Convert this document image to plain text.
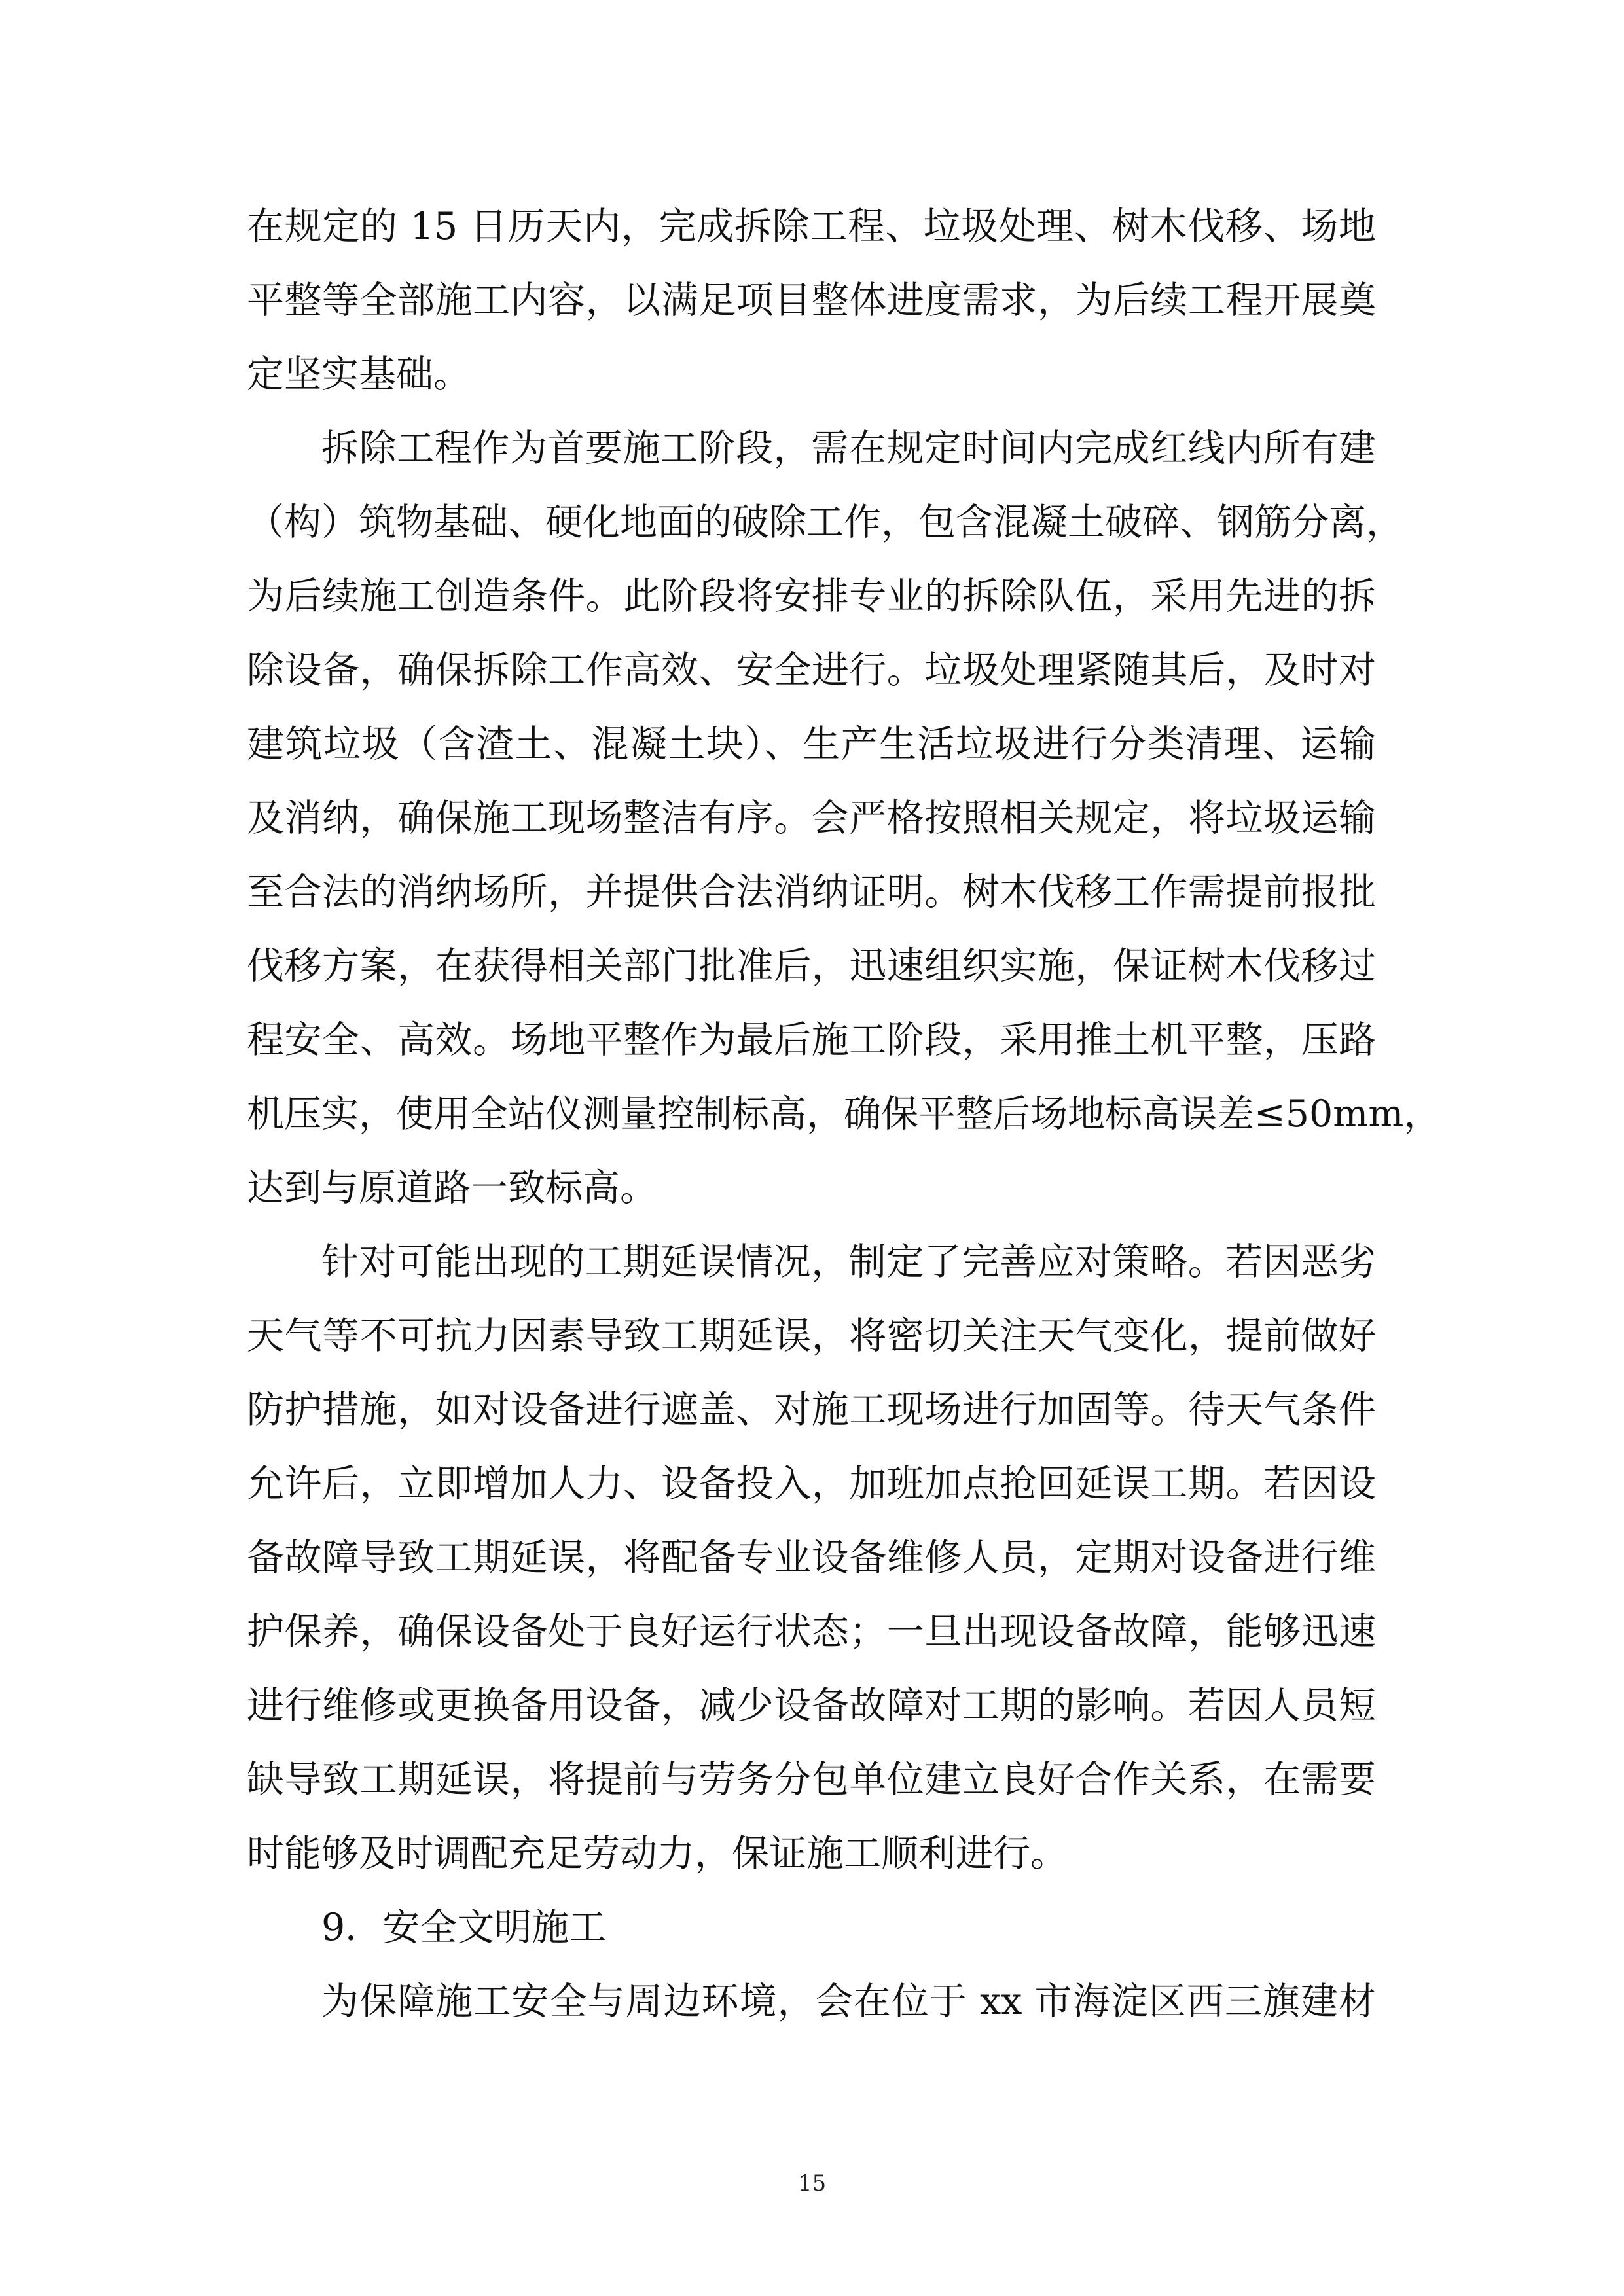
在规定的 15 日历天内，完成拆除工程、垃圾处理、树木伐移、场地
平整等全部施工内容，以满足项目整体进度需求，为后续工程开展奠
定坚实基础。
拆除工程作为首要施工阶段，需在规定时间内完成红线内所有建
（构）筑物基础、硬化地面的破除工作，包含混凝土破碎、钢筋分离，
为后续施工创造条件。此阶段将安排专业的拆除队伍，采用先进的拆
除设备，确保拆除工作高效、安全进行。垃圾处理紧随其后，及时对
建筑垃圾（含渣土、混凝土块）、生产生活垃圾进行分类清理、运输
及消纳，确保施工现场整洁有序。会严格按照相关规定，将垃圾运输
至合法的消纳场所，并提供合法消纳证明。树木伐移工作需提前报批
伐移方案，在获得相关部门批准后，迅速组织实施，保证树木伐移过
程安全、高效。场地平整作为最后施工阶段，采用推土机平整，压路
机压实，使用全站仪测量控制标高，确保平整后场地标高误差≤50mm，
达到与原道路一致标高。
针对可能出现的工期延误情况，制定了完善应对策略。若因恶劣
天气等不可抗力因素导致工期延误，将密切关注天气变化，提前做好
防护措施，如对设备进行遮盖、对施工现场进行加固等。待天气条件
允许后，立即增加人力、设备投入，加班加点抢回延误工期。若因设
备故障导致工期延误，将配备专业设备维修人员，定期对设备进行维
护保养，确保设备处于良好运行状态；一旦出现设备故障，能够迅速
进行维修或更换备用设备，减少设备故障对工期的影响。若因人员短
缺导致工期延误，将提前与劳务分包单位建立良好合作关系，在需要
时能够及时调配充足劳动力，保证施工顺利进行。
9．安全文明施工
为保障施工安全与周边环境，会在位于 xx 市海淀区西三旗建材
15
